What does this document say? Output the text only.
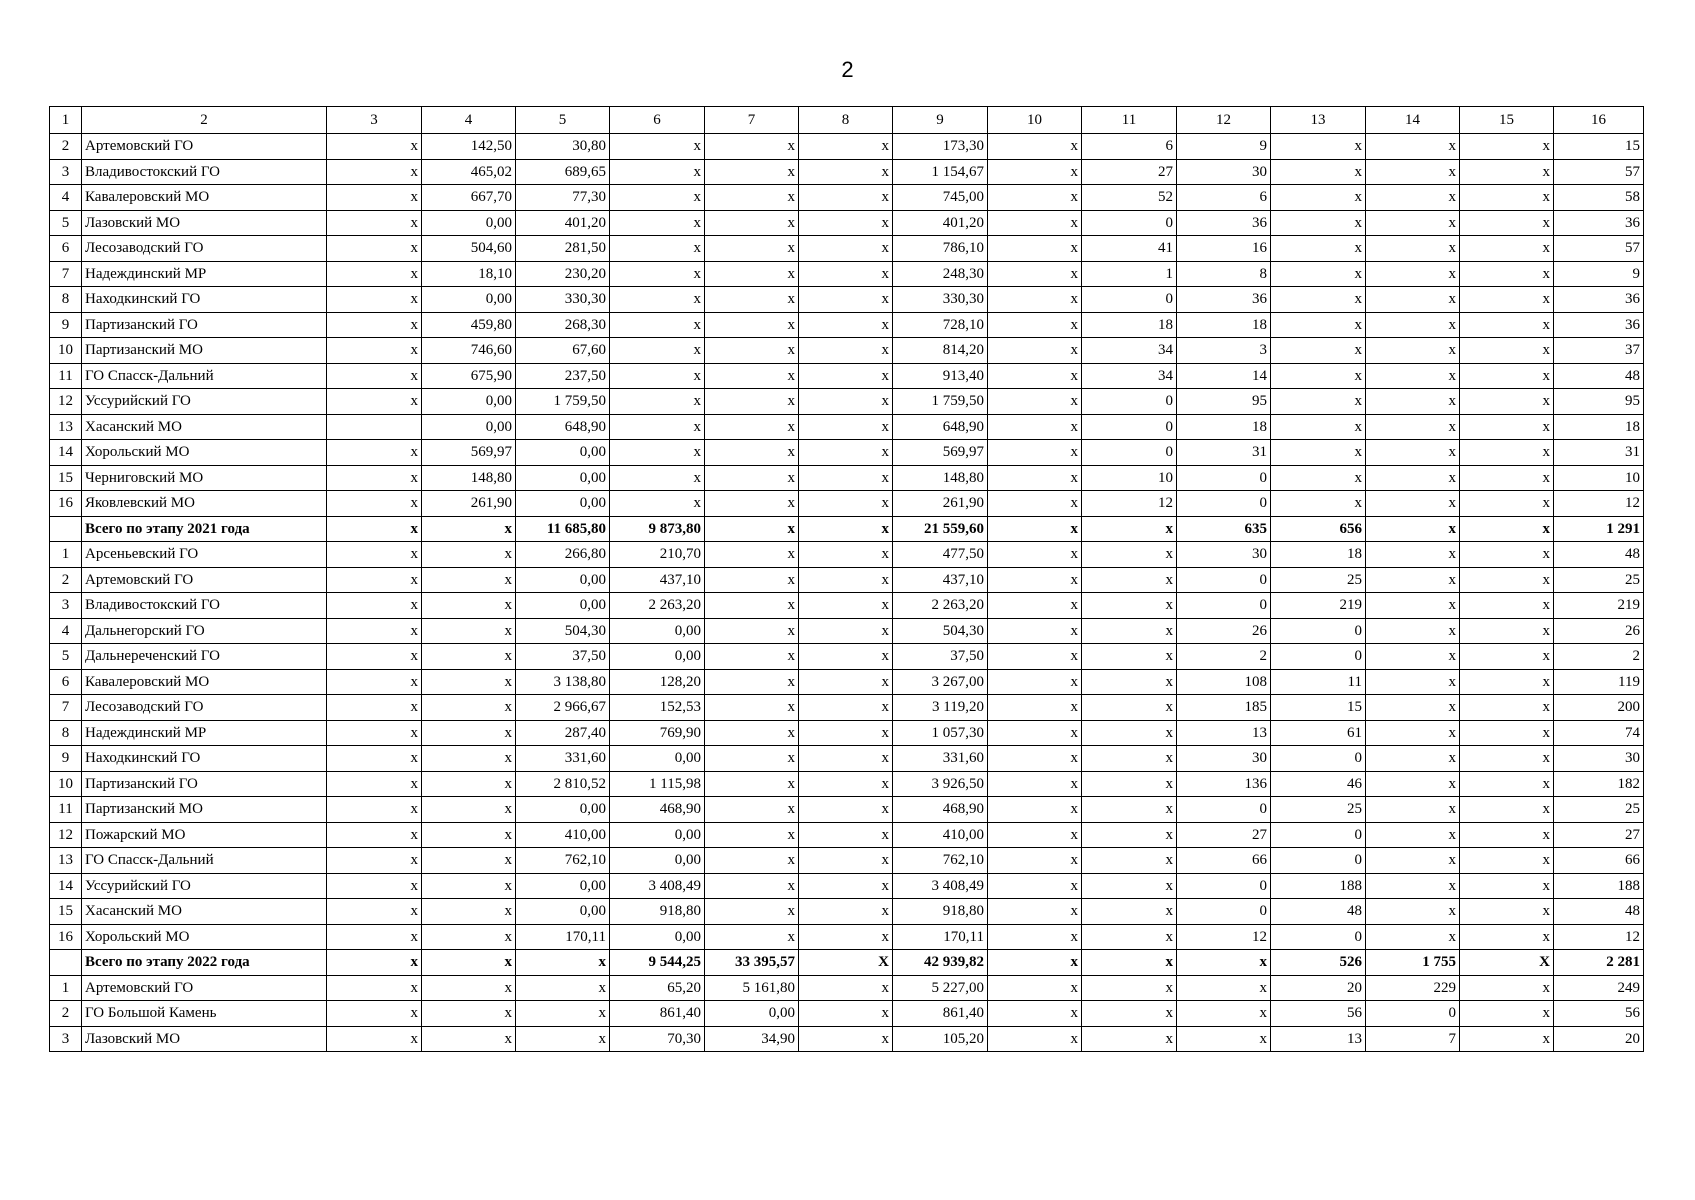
2
1	2	3	4	5	6	7	8	9	10	11	12	13	14	15	16
2	Артемовский ГО	x	142,50	30,80	x	x	x	173,30	x	6	9	x	x	x	15
3	Владивостокский ГО	x	465,02	689,65	x	x	x	1 154,67	x	27	30	x	x	x	57
4	Кавалеровский МО	x	667,70	77,30	x	x	x	745,00	x	52	6	x	x	x	58
5	Лазовский МО	x	0,00	401,20	x	x	x	401,20	x	0	36	x	x	x	36
6	Лесозаводский ГО	x	504,60	281,50	x	x	x	786,10	x	41	16	x	x	x	57
7	Надеждинский МР	x	18,10	230,20	x	x	x	248,30	x	1	8	x	x	x	9
8	Находкинский ГО	x	0,00	330,30	x	x	x	330,30	x	0	36	x	x	x	36
9	Партизанский ГО	x	459,80	268,30	x	x	x	728,10	x	18	18	x	x	x	36
10	Партизанский МО	x	746,60	67,60	x	x	x	814,20	x	34	3	x	x	x	37
11	ГО Спасск-Дальний	x	675,90	237,50	x	x	x	913,40	x	34	14	x	x	x	48
12	Уссурийский ГО	x	0,00	1 759,50	x	x	x	1 759,50	x	0	95	x	x	x	95
13	Хасанский МО		0,00	648,90	x	x	x	648,90	x	0	18	x	x	x	18
14	Хорольский МО	x	569,97	0,00	x	x	x	569,97	x	0	31	x	x	x	31
15	Черниговский МО	x	148,80	0,00	x	x	x	148,80	x	10	0	x	x	x	10
16	Яковлевский МО	x	261,90	0,00	x	x	x	261,90	x	12	0	x	x	x	12
	Всего по этапу 2021 года	x	x	11 685,80	9 873,80	x	x	21 559,60	x	x	635	656	x	x	1 291
1	Арсеньевский ГО	x	x	266,80	210,70	x	x	477,50	x	x	30	18	x	x	48
2	Артемовский ГО	x	x	0,00	437,10	x	x	437,10	x	x	0	25	x	x	25
3	Владивостокский ГО	x	x	0,00	2 263,20	x	x	2 263,20	x	x	0	219	x	x	219
4	Дальнегорский ГО	x	x	504,30	0,00	x	x	504,30	x	x	26	0	x	x	26
5	Дальнереченский ГО	x	x	37,50	0,00	x	x	37,50	x	x	2	0	x	x	2
6	Кавалеровский МО	x	x	3 138,80	128,20	x	x	3 267,00	x	x	108	11	x	x	119
7	Лесозаводский ГО	x	x	2 966,67	152,53	x	x	3 119,20	x	x	185	15	x	x	200
8	Надеждинский МР	x	x	287,40	769,90	x	x	1 057,30	x	x	13	61	x	x	74
9	Находкинский ГО	x	x	331,60	0,00	x	x	331,60	x	x	30	0	x	x	30
10	Партизанский ГО	x	x	2 810,52	1 115,98	x	x	3 926,50	x	x	136	46	x	x	182
11	Партизанский МО	x	x	0,00	468,90	x	x	468,90	x	x	0	25	x	x	25
12	Пожарский МО	x	x	410,00	0,00	x	x	410,00	x	x	27	0	x	x	27
13	ГО Спасск-Дальний	x	x	762,10	0,00	x	x	762,10	x	x	66	0	x	x	66
14	Уссурийский ГО	x	x	0,00	3 408,49	x	x	3 408,49	x	x	0	188	x	x	188
15	Хасанский МО	x	x	0,00	918,80	x	x	918,80	x	x	0	48	x	x	48
16	Хорольский МО	x	x	170,11	0,00	x	x	170,11	x	x	12	0	x	x	12
	Всего по этапу 2022 года	x	x	x	9 544,25	33 395,57	X	42 939,82	x	x	x	526	1 755	X	2 281
1	Артемовский ГО	x	x	x	65,20	5 161,80	x	5 227,00	x	x	x	20	229	x	249
2	ГО Большой Камень	x	x	x	861,40	0,00	x	861,40	x	x	x	56	0	x	56
3	Лазовский МО	x	x	x	70,30	34,90	x	105,20	x	x	x	13	7	x	20
